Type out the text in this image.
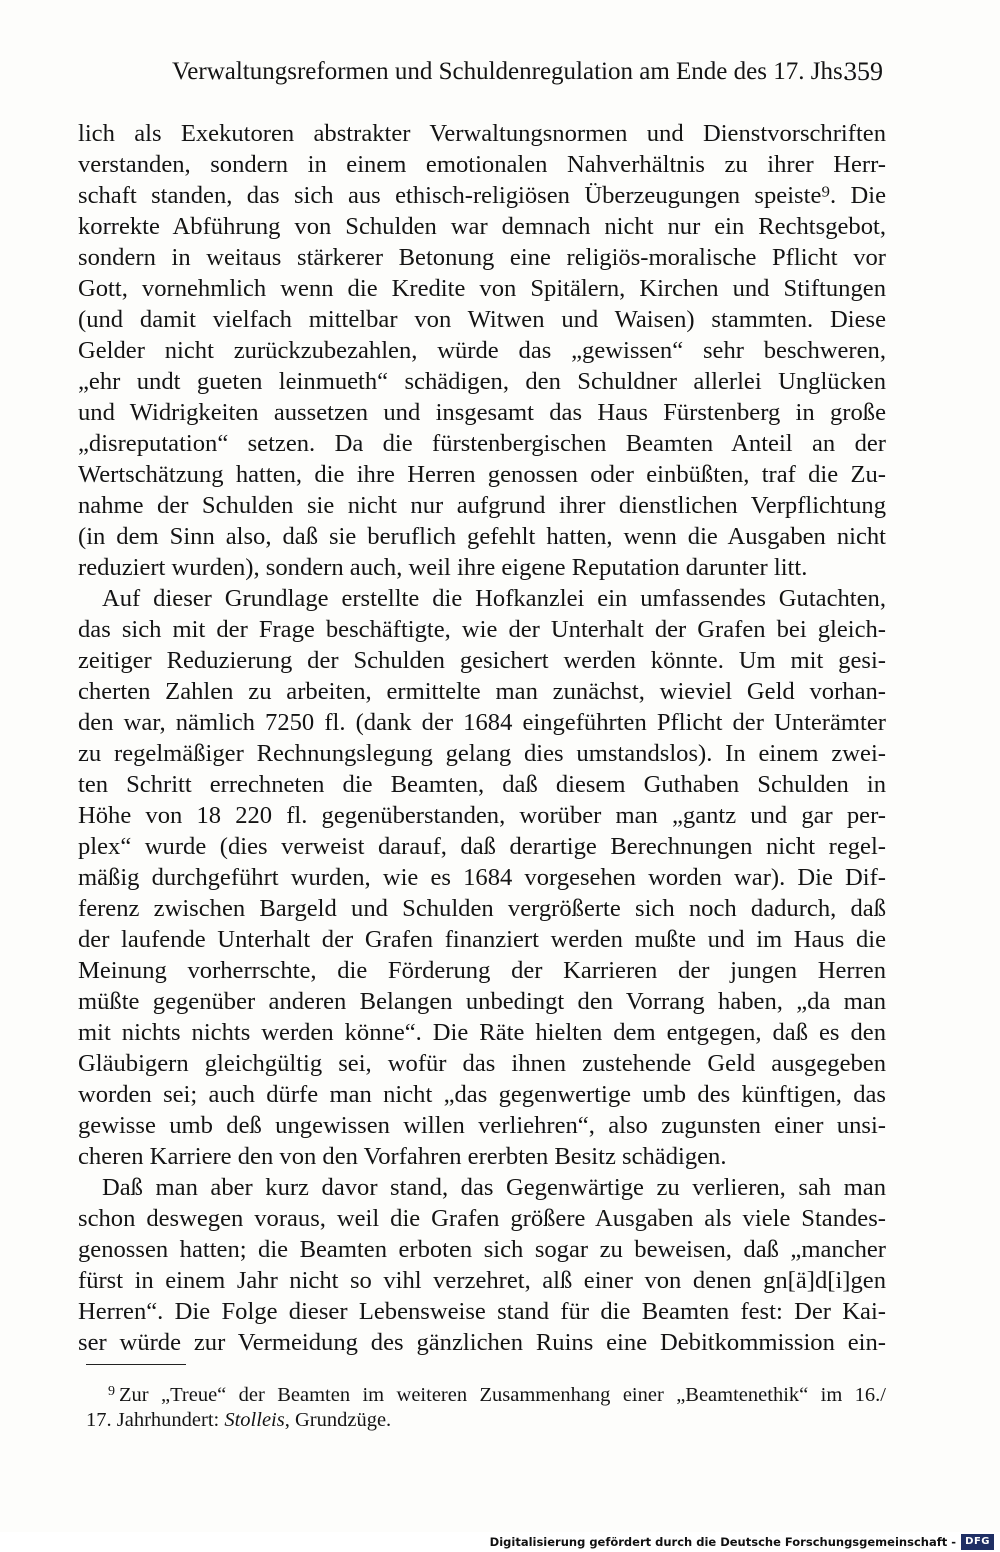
Verwaltungsreformen und Schuldenregulation am Ende des 17. Jhs.
359
lich als Exekutoren abstrakter Verwaltungsnormen und Dienstvorschriften
verstanden, sondern in einem emotionalen Nahverhältnis zu ihrer Herr-
schaft standen, das sich aus ethisch-religiösen Überzeugungen speiste⁹. Die
korrekte Abführung von Schulden war demnach nicht nur ein Rechtsgebot,
sondern in weitaus stärkerer Betonung eine religiös-moralische Pflicht vor
Gott, vornehmlich wenn die Kredite von Spitälern, Kirchen und Stiftungen
(und damit vielfach mittelbar von Witwen und Waisen) stammten. Diese
Gelder nicht zurückzubezahlen, würde das „gewissen“ sehr beschweren,
„ehr undt gueten leinmueth“ schädigen, den Schuldner allerlei Unglücken
und Widrigkeiten aussetzen und insgesamt das Haus Fürstenberg in große
„disreputation“ setzen. Da die fürstenbergischen Beamten Anteil an der
Wertschätzung hatten, die ihre Herren genossen oder einbüßten, traf die Zu-
nahme der Schulden sie nicht nur aufgrund ihrer dienstlichen Verpflichtung
(in dem Sinn also, daß sie beruflich gefehlt hatten, wenn die Ausgaben nicht
reduziert wurden), sondern auch, weil ihre eigene Reputation darunter litt.
Auf dieser Grundlage erstellte die Hofkanzlei ein umfassendes Gutachten,
das sich mit der Frage beschäftigte, wie der Unterhalt der Grafen bei gleich-
zeitiger Reduzierung der Schulden gesichert werden könnte. Um mit gesi-
cherten Zahlen zu arbeiten, ermittelte man zunächst, wieviel Geld vorhan-
den war, nämlich 7250 fl. (dank der 1684 eingeführten Pflicht der Unterämter
zu regelmäßiger Rechnungslegung gelang dies umstandslos). In einem zwei-
ten Schritt errechneten die Beamten, daß diesem Guthaben Schulden in
Höhe von 18 220 fl. gegenüberstanden, worüber man „gantz und gar per-
plex“ wurde (dies verweist darauf, daß derartige Berechnungen nicht regel-
mäßig durchgeführt wurden, wie es 1684 vorgesehen worden war). Die Dif-
ferenz zwischen Bargeld und Schulden vergrößerte sich noch dadurch, daß
der laufende Unterhalt der Grafen finanziert werden mußte und im Haus die
Meinung vorherrschte, die Förderung der Karrieren der jungen Herren
müßte gegenüber anderen Belangen unbedingt den Vorrang haben, „da man
mit nichts nichts werden könne“. Die Räte hielten dem entgegen, daß es den
Gläubigern gleichgültig sei, wofür das ihnen zustehende Geld ausgegeben
worden sei; auch dürfe man nicht „das gegenwertige umb des künftigen, das
gewisse umb deß ungewissen willen verliehren“, also zugunsten einer unsi-
cheren Karriere den von den Vorfahren ererbten Besitz schädigen.
Daß man aber kurz davor stand, das Gegenwärtige zu verlieren, sah man
schon deswegen voraus, weil die Grafen größere Ausgaben als viele Standes-
genossen hatten; die Beamten erboten sich sogar zu beweisen, daß „mancher
fürst in einem Jahr nicht so vihl verzehret, alß einer von denen gn[ä]d[i]gen
Herren“. Die Folge dieser Lebensweise stand für die Beamten fest: Der Kai-
ser würde zur Vermeidung des gänzlichen Ruins eine Debitkommission ein-
$^9$ Zur „Treue“ der Beamten im weiteren Zusammenhang einer „Beamtenethik“ im 16./
17. Jahrhundert: Stolleis, Grundzüge.
Digitalisierung gefördert durch die Deutsche Forschungsgemeinschaft - DFG
